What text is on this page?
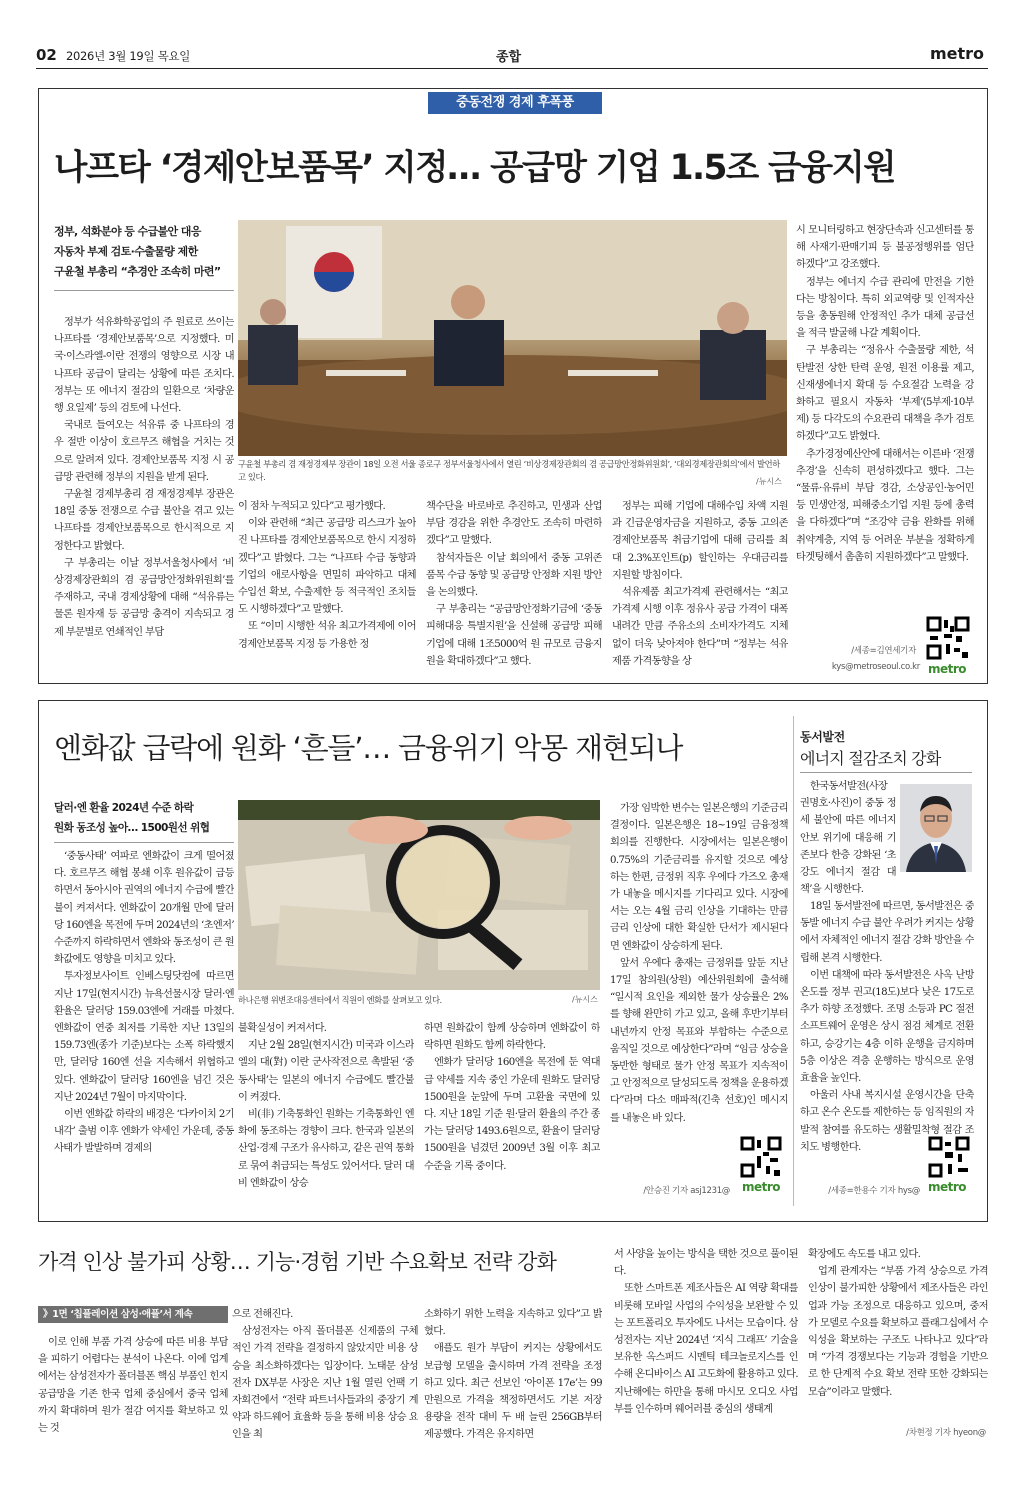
02 2026년 3월 19일 목요일	종합	metro
중동전쟁 경제 후폭풍
나프타 ‘경제안보품목’ 지정… 공급망 기업 1.5조 금융지원
정부, 석화분야 등 수급불안 대응
자동차 부제 검토·수출물량 제한
구윤철 부총리 “추경안 조속히 마련”

정부가 석유화학공업의 주 원료로 쓰이는 나프타를 ‘경제안보품목’으로 지정했다. 미국·이스라엘-이란 전쟁의 영향으로 시장 내 나프타 공급이 달리는 상황에 따른 조치다. 정부는 또 에너지 절감의 일환으로 ‘차량운행 요일제’ 등의 검토에 나선다.

국내로 들여오는 석유류 중 나프타의 경우 절반 이상이 호르무즈 해협을 거치는 것으로 알려져 있다. 경제안보품목 지정 시 공급망 관련해 정부의 지원을 받게 된다.

구윤철 경제부총리 겸 재정경제부 장관은 18일 중동 전쟁으로 수급 불안을 겪고 있는 나프타를 경제안보품목으로 한시적으로 지정한다고 밝혔다.

구 부총리는 이날 정부서울청사에서 ‘비상경제장관회의 겸 공급망안정화위원회’를 주재하고, 국내 경제상황에 대해 “석유류는 물론 원자재 등 공급망 충격이 지속되고 경제 부문별로 연쇄적인 부담

구윤철 부총리 겸 재정경제부 장관이 18일 오전 서울 종로구 정부서울청사에서 열린 ‘비상경제장관회의 겸 공급망안정화위원회’, ‘대외경제장관회의’에서 발언하고 있다.	/뉴시스

이 점차 누적되고 있다”고 평가했다.

이와 관련해 “최근 공급망 리스크가 높아진 나프타를 경제안보품목으로 한시 지정하겠다”고 밝혔다. 그는 “나프타 수급 동향과 기업의 애로사항을 면밀히 파악하고 대체 수입선 확보, 수출제한 등 적극적인 조치들도 시행하겠다”고 말했다.

또 “이미 시행한 석유 최고가격제에 이어 경제안보품목 지정 등 가용한 정

책수단을 바로바로 추진하고, 민생과 산업부담 경감을 위한 추경안도 조속히 마련하겠다”고 말했다.

참석자들은 이날 회의에서 중동 고위존 품목 수급 동향 및 공급망 안정화 지원 방안을 논의했다.

구 부총리는 “공급망안정화기금에 ‘중동 피해대응 특별지원’을 신설해 공급망 피해기업에 대해 1조5000억 원 규모로 금융지원을 확대하겠다”고 했다.

정부는 피해 기업에 대해수입 차액 지원과 긴급운영자금을 지원하고, 중동 고의존 경제안보품목 취급기업에 대해 금리를 최대 2.3%포인트(p) 할인하는 우대금리를 지원할 방침이다.

석유제품 최고가격제 관련해서는 “최고가격제 시행 이후 정유사 공급 가격이 대폭 내려간 만큼 주유소의 소비자가격도 지체 없이 더욱 낮아져야 한다”며 “정부는 석유제품 가격동향을 상

시 모니터링하고 현장단속과 신고센터를 통해 사재기·판매기피 등 불공정행위를 엄단하겠다”고 강조했다.

정부는 에너지 수급 관리에 만전을 기한다는 방침이다. 특히 외교역량 및 인적자산 등을 총동원해 안정적인 추가 대체 공급선을 적극 발굴해 나갈 계획이다.

구 부총리는 “정유사 수출물량 제한, 석탄발전 상한 탄력 운영, 원전 이용률 제고, 신재생에너지 확대 등 수요절감 노력을 강화하고 필요시 자동차 ‘부제’(5부제·10부제) 등 다각도의 수요관리 대책을 추가 검토하겠다”고도 밝혔다.

추가경정예산안에 대해서는 이른바 ‘전쟁 추경’을 신속히 편성하겠다고 했다. 그는 “물류·유류비 부담 경감, 소상공인·농어민 등 민생안정, 피해중소기업 지원 등에 총력을 다하겠다”며 “조강약 금융 완화를 위해 취약계층, 지역 등 어려운 부분을 정확하게 타겟팅해서 촘촘히 지원하겠다”고 말했다.

/세종=김연세기자
kys@metroseoul.co.kr metro
엔화값 급락에 원화 ‘흔들’… 금융위기 악몽 재현되나
달러·엔 환율 2024년 수준 하락
원화 동조성 높아… 1500원선 위협

‘중동사태’ 여파로 엔화값이 크게 떨어졌다. 호르무즈 해협 봉쇄 이후 원유값이 급등하면서 동아시아 권역의 에너지 수급에 빨간불이 켜져서다. 엔화값이 20개월 만에 달러당 160엔을 목전에 두며 2024년의 ‘초엔저’ 수준까지 하락하면서 엔화와 동조성이 큰 원화값에도 영향을 미치고 있다.

투자정보사이트 인베스팅닷컴에 따르면 지난 17일(현지시간) 뉴욕선물시장 달러·엔 환율은 달러당 159.03엔에 거래를 마쳤다. 엔화값이 연중 최저를 기록한 지난 13일의 159.73엔(종가 기준)보다는 소폭 하락했지만, 달러당 160엔 선을 지속해서 위협하고 있다. 엔화값이 달러당 160엔을 넘긴 것은 지난 2024년 7월이 마지막이다.

이번 엔화값 하락의 배경은 ‘다카이치 2기 내각’ 출범 이후 엔화가 약세인 가운데, 중동사태가 발발하며 경제의

하나은행 위변조대응센터에서 직원이 엔화를 살펴보고 있다.	/뉴시스

불확실성이 커져서다.

지난 2월 28일(현지시간) 미국과 이스라엘의 대(對) 이란 군사작전으로 촉발된 ‘중동사태’는 일본의 에너지 수급에도 빨간불이 켜졌다.

비(非) 기축통화인 원화는 기축통화인 엔화에 동조하는 경향이 크다. 한국과 일본의 산업·경제 구조가 유사하고, 같은 권역 통화로 묶여 취급되는 특성도 있어서다. 달러 대비 엔화값이 상승

하면 원화값이 함께 상승하며 엔화값이 하락하면 원화도 함께 하락한다.

엔화가 달러당 160엔을 목전에 둔 역대급 약세를 지속 중인 가운데 원화도 달러당 1500원을 눈앞에 두며 고환율 국면에 있다. 지난 18일 기준 원·달러 환율의 주간 종가는 달러당 1493.6원으로, 환율이 달러당 1500원을 넘겼던 2009년 3월 이후 최고 수준을 기록 중이다.

가장 임박한 변수는 일본은행의 기준금리 결정이다. 일본은행은 18~19일 금융정책회의를 진행한다. 시장에서는 일본은행이 0.75%의 기준금리를 유지할 것으로 예상하는 한편, 금정위 직후 우에다 가즈오 총재가 내놓을 메시지를 기다리고 있다. 시장에서는 오는 4월 금리 인상을 기대하는 만큼 금리 인상에 대한 확실한 단서가 제시된다면 엔화값이 상승하게 된다.

앞서 우에다 총재는 금정위를 앞둔 지난 17일 참의원(상원) 예산위원회에 출석해 “일시적 요인을 제외한 물가 상승률은 2%를 향해 완만히 가고 있고, 올해 후반기부터 내년까지 안정 목표와 부합하는 수준으로 움직일 것으로 예상한다”라며 “임금 상승을 동반한 형태로 물가 안정 목표가 지속적이고 안정적으로 달성되도록 정책을 운용하겠다”라며 다소 매파적(긴축 선호)인 메시지를 내놓은 바 있다.

/안승진 기자 asj1231@ metro
동서발전
에너지 절감조치 강화

한국동서발전(사장 권명호·사진)이 중동 정세 불안에 따른 에너지 안보 위기에 대응해 기존보다 한층 강화된 ‘초강도 에너지 절감 대책’을 시행한다.

18일 동서발전에 따르면, 동서발전은 중동발 에너지 수급 불안 우려가 커지는 상황에서 자체적인 에너지 절감 강화 방안을 수립해 본격 시행한다.

이번 대책에 따라 동서발전은 사옥 난방온도를 정부 권고(18도)보다 낮은 17도로 추가 하향 조정했다. 조명 소등과 PC 절전 소프트웨어 운영은 상시 점검 체계로 전환하고, 승강기는 4층 이하 운행을 금지하며 5층 이상은 격층 운행하는 방식으로 운영 효율을 높인다.

아울러 사내 복지시설 운영시간을 단축하고 온수 온도를 제한하는 등 임직원의 자발적 참여를 유도하는 생활밀착형 절감 조치도 병행한다.

/세종=한용수 기자 hys@ metro
가격 인상 불가피 상황… 기능·경험 기반 수요확보 전략 강화
》1면 ‘칩플레이션 삼성·애플’서 계속

이로 인해 부품 가격 상승에 따른 비용 부담을 피하기 어렵다는 분석이 나온다. 이에 업계에서는 삼성전자가 폴더블폰 핵심 부품인 힌지 공급망을 기존 한국 업체 중심에서 중국 업체까지 확대하며 원가 절감 여지를 확보하고 있는 것

으로 전해진다.

삼성전자는 아직 폴더블폰 신제품의 구체적인 가격 전략을 결정하지 않았지만 비용 상승을 최소화하겠다는 입장이다. 노태문 삼성전자 DX부문 사장은 지난 1월 열린 언팩 기자회견에서 “전략 파트너사들과의 중장기 계약과 하드웨어 효율화 등을 통해 비용 상승 요인을 최

소화하기 위한 노력을 지속하고 있다”고 밝혔다.

애플도 원가 부담이 커지는 상황에서도 보급형 모델을 출시하며 가격 전략을 조정하고 있다. 최근 선보인 ‘아이폰 17e’는 99만원으로 가격을 책정하면서도 기본 저장 용량을 전작 대비 두 배 늘린 256GB부터 제공했다. 가격은 유지하면

서 사양을 높이는 방식을 택한 것으로 풀이된다.

또한 스마트폰 제조사들은 AI 역량 확대를 비롯해 모바일 사업의 수익성을 보완할 수 있는 포트폴리오 투자에도 나서는 모습이다. 삼성전자는 지난 2024년 ‘지식 그래프’ 기술을 보유한 옥스퍼드 시멘틱 테크놀로지스를 인수해 온디바이스 AI 고도화에 활용하고 있다. 지난해에는 하만을 통해 마시모 오디오 사업부를 인수하며 웨어러블 중심의 생태계

확장에도 속도를 내고 있다.

업계 관계자는 “부품 가격 상승으로 가격 인상이 불가피한 상황에서 제조사들은 라인업과 가능 조정으로 대응하고 있으며, 중저가 모델로 수요를 확보하고 플래그십에서 수익성을 확보하는 구조도 나타나고 있다”라며 “가격 경쟁보다는 기능과 경험을 기반으로 한 단계적 수요 확보 전략 또한 강화되는 모습”이라고 말했다.

/차현정 기자 hyeon@
